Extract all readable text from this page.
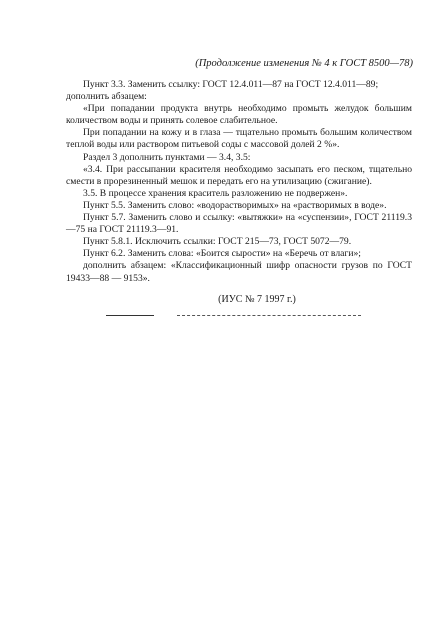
(Продолжение изменения № 4 к ГОСТ 8500—78)

Пункт 3.3. Заменить ссылку: ГОСТ 12.4.011—87 на ГОСТ 12.4.011—89;

дополнить абзацем:

«При попадании продукта внутрь необходимо промыть желудок большим количеством воды и принять солевое слабительное.

При попадании на кожу и в глаза — тщательно промыть большим количеством теплой воды или раствором питьевой соды с массовой долей 2 %».

Раздел 3 дополнить пунктами — 3.4, 3.5:

«3.4. При рассыпании красителя необходимо засыпать его песком, тщательно смести в прорезиненный мешок и передать его на утилизацию (сжигание).

3.5. В процессе хранения краситель разложению не подвержен».

Пункт 5.5. Заменить слово: «водорастворимых» на «растворимых в воде».

Пункт 5.7. Заменить слово и ссылку: «вытяжки» на «суспензии», ГОСТ 21119.3—75 на ГОСТ 21119.3—91.

Пункт 5.8.1. Исключить ссылки: ГОСТ 215—73, ГОСТ 5072—79.

Пункт 6.2. Заменить слова: «Боится сырости» на «Беречь от влаги»;

дополнить абзацем: «Классификационный шифр опасности грузов по ГОСТ 19433—88 — 9153».

(ИУС № 7 1997 г.)
